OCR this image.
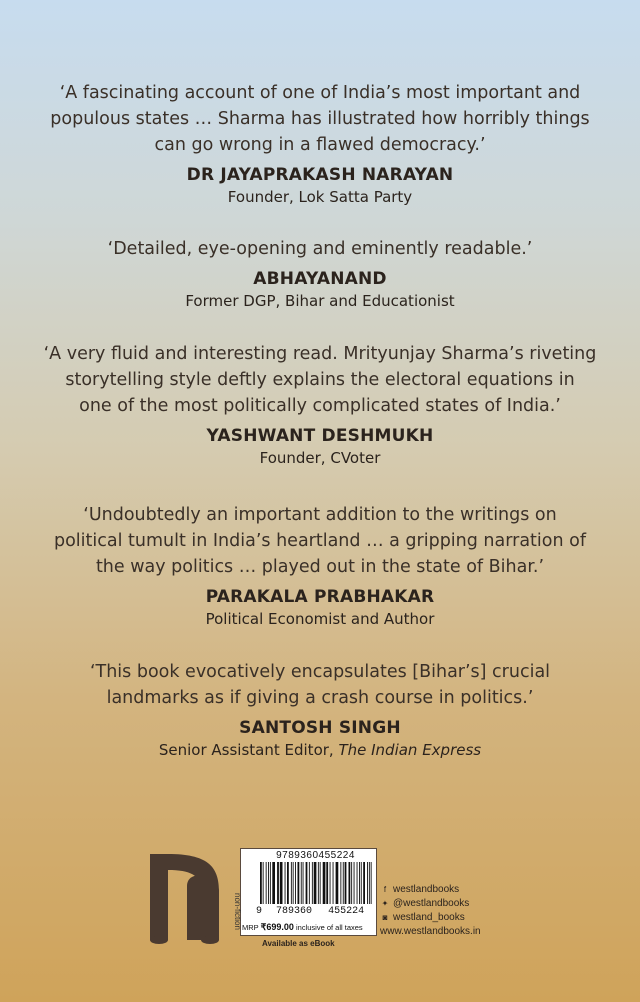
‘A fascinating account of one of India’s most important and
populous states … Sharma has illustrated how horribly things
can go wrong in a flawed democracy.’

DR JAYAPRAKASH NARAYAN

Founder, Lok Satta Party

‘Detailed, eye-opening and eminently readable.’

ABHAYANAND

Former DGP, Bihar and Educationist

‘A very fluid and interesting read. Mrityunjay Sharma’s riveting
storytelling style deftly explains the electoral equations in
one of the most politically complicated states of India.’

YASHWANT DESHMUKH

Founder, CVoter

‘Undoubtedly an important addition to the writings on
political tumult in India’s heartland … a gripping narration of
the way politics … played out in the state of Bihar.’

PARAKALA PRABHAKAR

Political Economist and Author

‘This book evocatively encapsulates [Bihar’s] crucial
landmarks as if giving a crash course in politics.’

SANTOSH SINGH

Senior Assistant Editor, The Indian Express

9789360455224
non-fiction 9 789360 455224
MRP ₹699.00 inclusive of all taxes
Available as eBook
f westlandbooks
✦ @westlandbooks
◙ westland_books
www.westlandbooks.in
